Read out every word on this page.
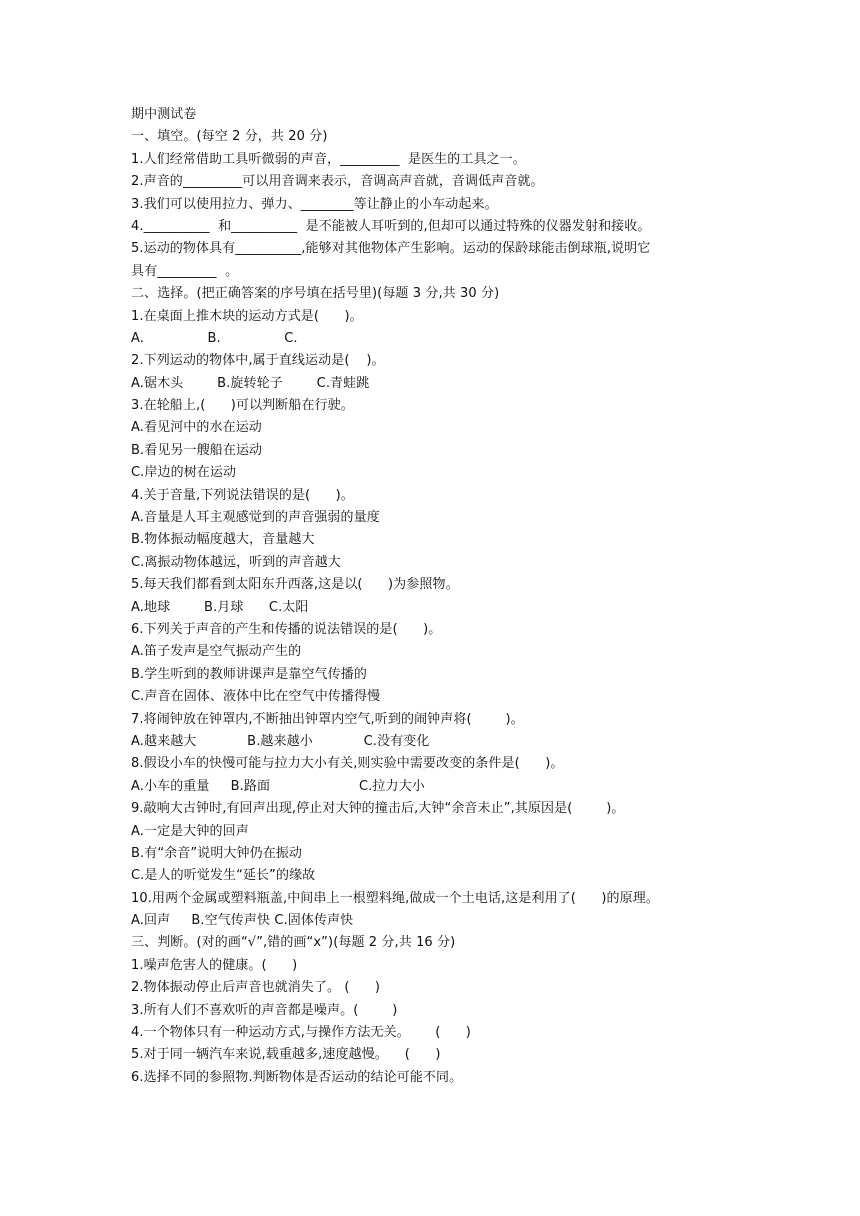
期中测试卷
一、填空。(每空 2 分，共 20 分)
1.人们经常借助工具听微弱的声音，_________  是医生的工具之一。
2.声音的_________可以用音调来表示，音调高声音就，音调低声音就。
3.我们可以使用拉力、弹力、________等让静止的小车动起来。
4.__________  和__________  是不能被人耳听到的,但却可以通过特殊的仪器发射和接收。
5.运动的物体具有__________,能够对其他物体产生影响。运动的保龄球能击倒球瓶,说明它
具有_________  。
二、选择。(把正确答案的序号填在括号里)(每题 3 分,共 30 分)
1.在桌面上推木块的运动方式是(      )。
A.               B.               C.
2.下列运动的物体中,属于直线运动是(    )。
A.锯木头        B.旋转轮子        C.青蛙跳
3.在轮船上,(      )可以判断船在行驶。
A.看见河中的水在运动
B.看见另一艘船在运动
C.岸边的树在运动
4.关于音量,下列说法错误的是(      )。
A.音量是人耳主观感觉到的声音强弱的量度
B.物体振动幅度越大，音量越大
C.离振动物体越远，听到的声音越大
5.每天我们都看到太阳东升西落,这是以(      )为参照物。
A.地球        B.月球      C.太阳
6.下列关于声音的产生和传播的说法错误的是(      )。
A.笛子发声是空气振动产生的
B.学生听到的教师讲课声是靠空气传播的
C.声音在固体、液体中比在空气中传播得慢
7.将闹钟放在钟罩内,不断抽出钟罩内空气,听到的闹钟声将(        )。
A.越来越大            B.越来越小            C.没有变化
8.假设小车的快慢可能与拉力大小有关,则实验中需要改变的条件是(      )。
A.小车的重量     B.路面                     C.拉力大小
9.敲响大古钟时,有回声出现,停止对大钟的撞击后,大钟“余音未止”,其原因是(        )。
A.一定是大钟的回声
B.有“余音”说明大钟仍在振动
C.是人的听觉发生“延长”的缘故
10.用两个金属或塑料瓶盖,中间串上一根塑料绳,做成一个土电话,这是利用了(      )的原理。
A.回声     B.空气传声快 C.固体传声快
三、判断。(对的画“√”,错的画“x”)(每题 2 分,共 16 分)
1.噪声危害人的健康。(      )
2.物体振动停止后声音也就消失了。 (      )
3.所有人们不喜欢听的声音都是噪声。(        )
4.一个物体只有一种运动方式,与操作方法无关。      (      )
5.对于同一辆汽车来说,载重越多,速度越慢。    (      )
6.选择不同的参照物.判断物体是否运动的结论可能不同。
